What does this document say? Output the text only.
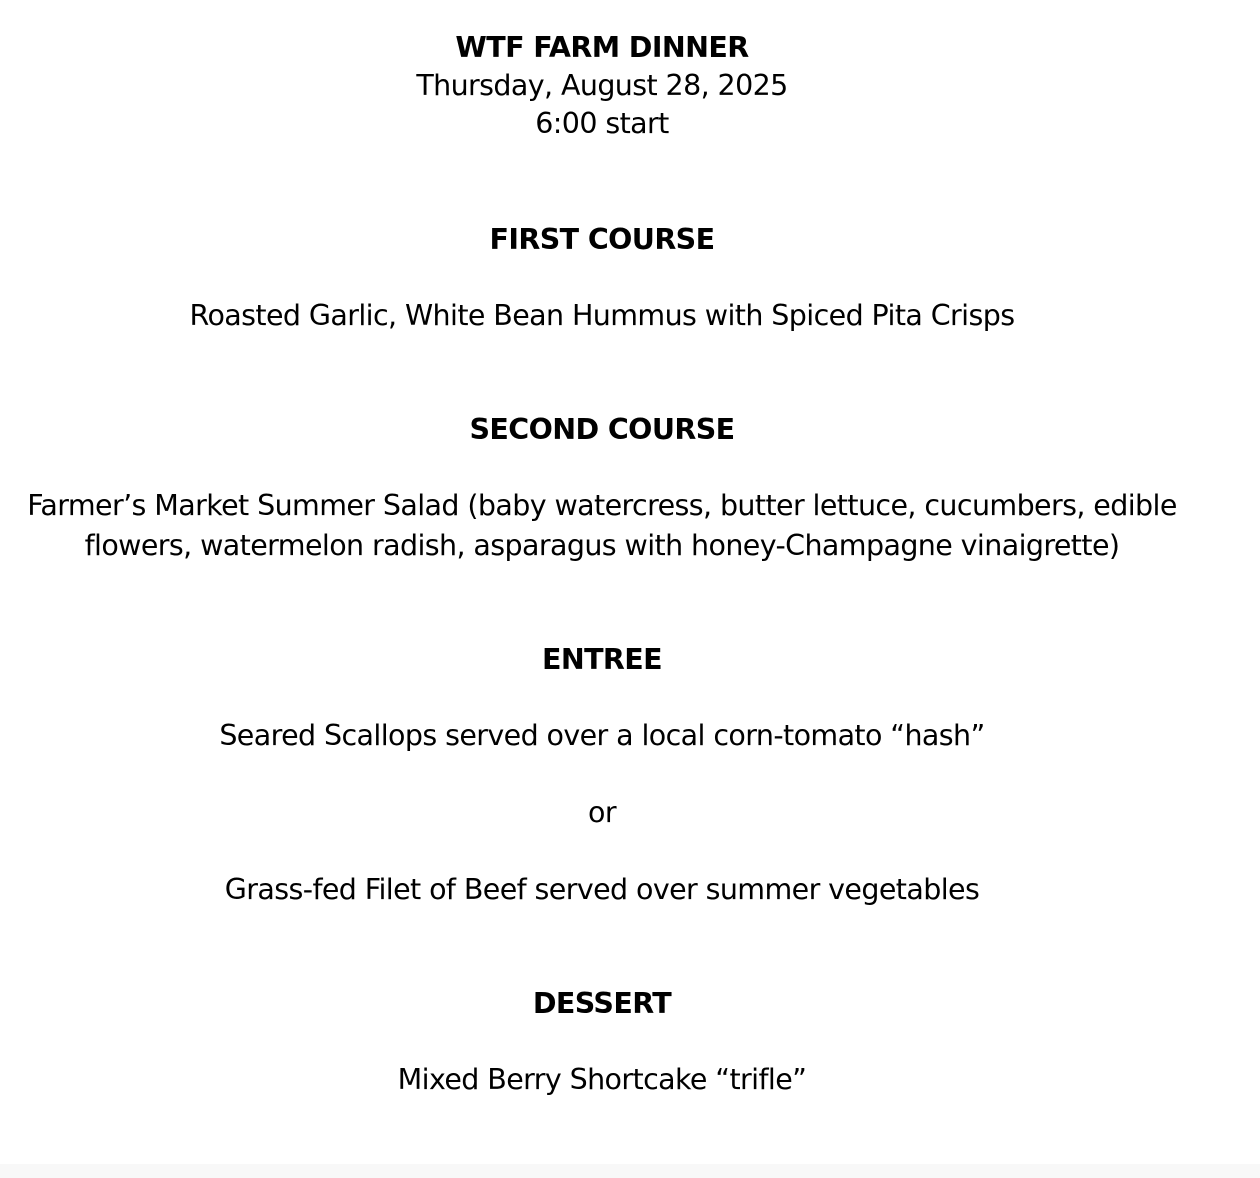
WTF FARM DINNER
Thursday, August 28, 2025
6:00 start
FIRST COURSE
Roasted Garlic, White Bean Hummus with Spiced Pita Crisps
SECOND COURSE
Farmer’s Market Summer Salad (baby watercress, butter lettuce, cucumbers, edible
flowers, watermelon radish, asparagus with honey-Champagne vinaigrette)
ENTREE
Seared Scallops served over a local corn-tomato “hash”
or
Grass-fed Filet of Beef served over summer vegetables
DESSERT
Mixed Berry Shortcake “trifle”
